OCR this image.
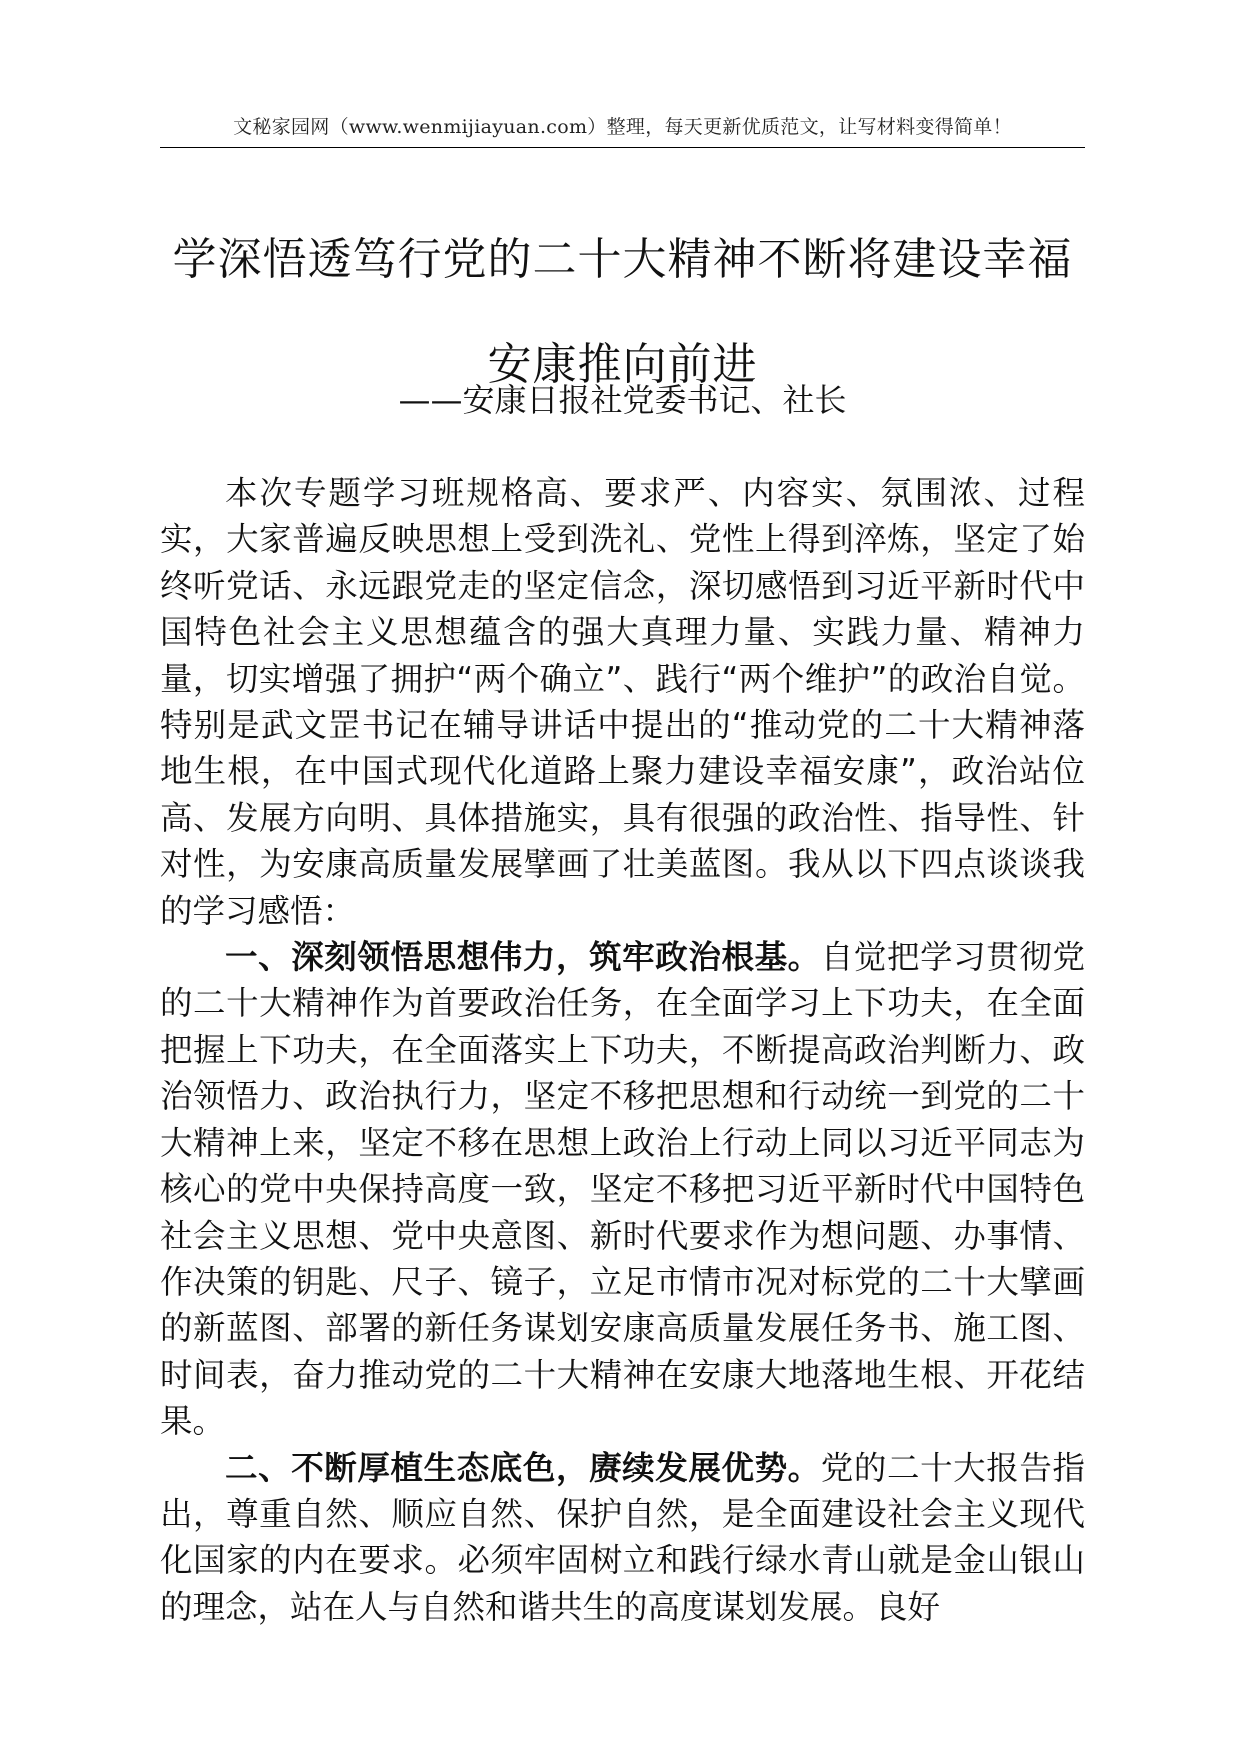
文秘家园网（www.wenmijiayuan.com）整理，每天更新优质范文，让写材料变得简单！
学深悟透笃行党的二十大精神不断将建设幸福
安康推向前进

——安康日报社党委书记、社长

本次专题学习班规格高、要求严、内容实、氛围浓、过程实，大家普遍反映思想上受到洗礼、党性上得到淬炼，坚定了始终听党话、永远跟党走的坚定信念，深切感悟到习近平新时代中国特色社会主义思想蕴含的强大真理力量、实践力量、精神力量，切实增强了拥护“两个确立”、践行“两个维护”的政治自觉。特别是武文罡书记在辅导讲话中提出的“推动党的二十大精神落地生根，在中国式现代化道路上聚力建设幸福安康”，政治站位高、发展方向明、具体措施实，具有很强的政治性、指导性、针对性，为安康高质量发展擘画了壮美蓝图。我从以下四点谈谈我的学习感悟：

一、深刻领悟思想伟力，筑牢政治根基。自觉把学习贯彻党的二十大精神作为首要政治任务，在全面学习上下功夫，在全面把握上下功夫，在全面落实上下功夫，不断提高政治判断力、政治领悟力、政治执行力，坚定不移把思想和行动统一到党的二十大精神上来，坚定不移在思想上政治上行动上同以习近平同志为核心的党中央保持高度一致，坚定不移把习近平新时代中国特色社会主义思想、党中央意图、新时代要求作为想问题、办事情、作决策的钥匙、尺子、镜子，立足市情市况对标党的二十大擘画的新蓝图、部署的新任务谋划安康高质量发展任务书、施工图、时间表，奋力推动党的二十大精神在安康大地落地生根、开花结果。

二、不断厚植生态底色，赓续发展优势。党的二十大报告指出，尊重自然、顺应自然、保护自然，是全面建设社会主义现代化国家的内在要求。必须牢固树立和践行绿水青山就是金山银山的理念，站在人与自然和谐共生的高度谋划发展。良好
